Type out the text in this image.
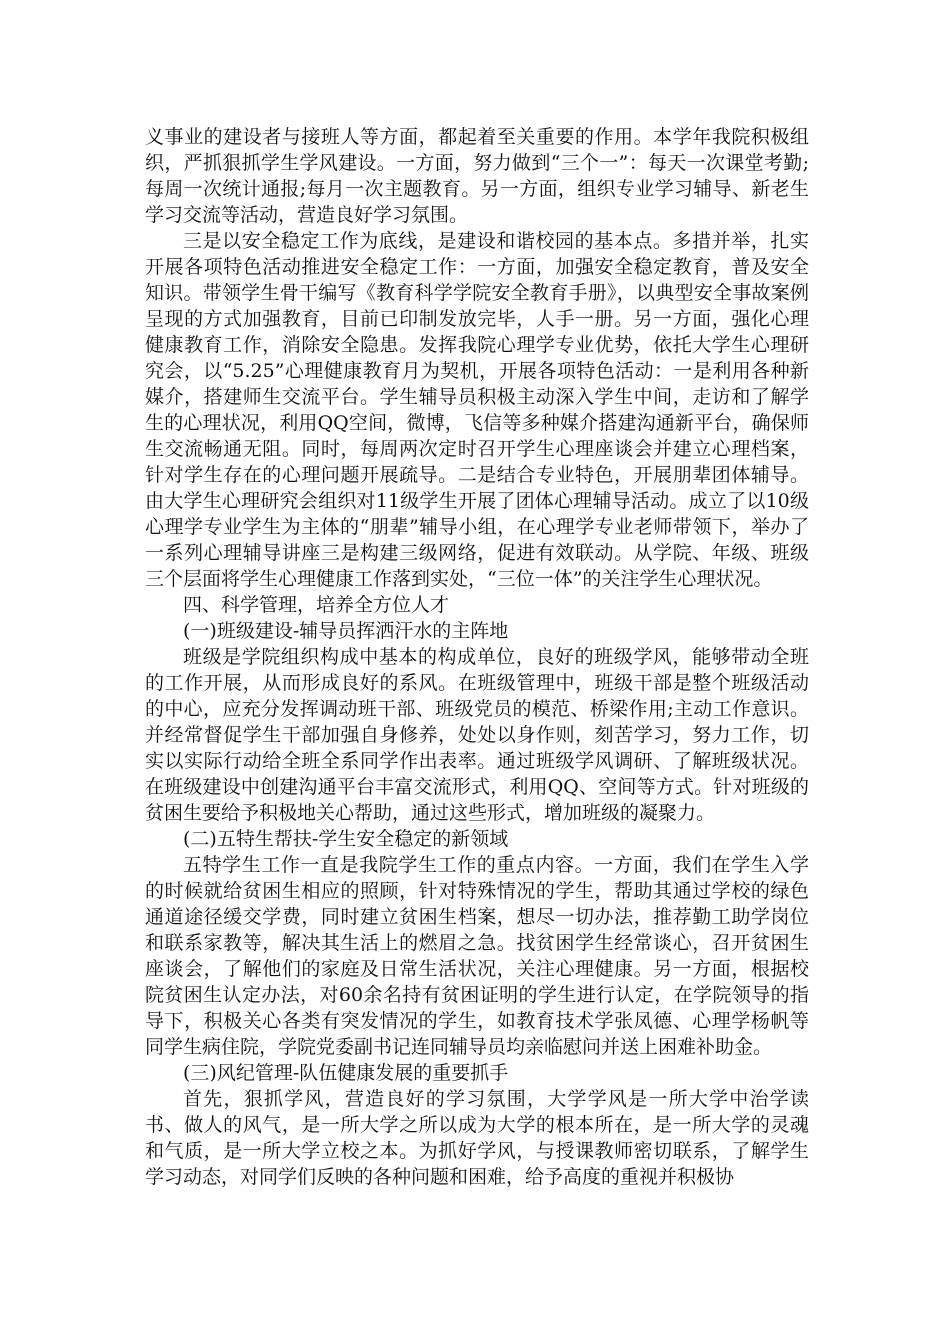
义事业的建设者与接班人等方面，都起着至关重要的作用。本学年我院积极组织，严抓狠抓学生学风建设。一方面，努力做到“三个一”：每天一次课堂考勤;每周一次统计通报;每月一次主题教育。另一方面，组织专业学习辅导、新老生学习交流等活动，营造良好学习氛围。

三是以安全稳定工作为底线，是建设和谐校园的基本点。多措并举，扎实开展各项特色活动推进安全稳定工作：一方面，加强安全稳定教育，普及安全知识。带领学生骨干编写《教育科学学院安全教育手册》，以典型安全事故案例呈现的方式加强教育，目前已印制发放完毕，人手一册。另一方面，强化心理健康教育工作，消除安全隐患。发挥我院心理学专业优势，依托大学生心理研究会，以“5.25”心理健康教育月为契机，开展各项特色活动：一是利用各种新媒介，搭建师生交流平台。学生辅导员积极主动深入学生中间，走访和了解学生的心理状况，利用QQ空间，微博，飞信等多种媒介搭建沟通新平台，确保师生交流畅通无阻。同时，每周两次定时召开学生心理座谈会并建立心理档案，针对学生存在的心理问题开展疏导。二是结合专业特色，开展朋辈团体辅导。由大学生心理研究会组织对11级学生开展了团体心理辅导活动。成立了以10级心理学专业学生为主体的“朋辈”辅导小组，在心理学专业老师带领下，举办了一系列心理辅导讲座三是构建三级网络，促进有效联动。从学院、年级、班级三个层面将学生心理健康工作落到实处，“三位一体”的关注学生心理状况。

四、科学管理，培养全方位人才

(一)班级建设-辅导员挥洒汗水的主阵地

班级是学院组织构成中基本的构成单位，良好的班级学风，能够带动全班的工作开展，从而形成良好的系风。在班级管理中，班级干部是整个班级活动的中心，应充分发挥调动班干部、班级党员的模范、桥梁作用;主动工作意识。并经常督促学生干部加强自身修养，处处以身作则，刻苦学习，努力工作，切实以实际行动给全班全系同学作出表率。通过班级学风调研、了解班级状况。在班级建设中创建沟通平台丰富交流形式，利用QQ、空间等方式。针对班级的贫困生要给予积极地关心帮助，通过这些形式，增加班级的凝聚力。

(二)五特生帮扶-学生安全稳定的新领域

五特学生工作一直是我院学生工作的重点内容。一方面，我们在学生入学的时候就给贫困生相应的照顾，针对特殊情况的学生，帮助其通过学校的绿色通道途径缓交学费，同时建立贫困生档案，想尽一切办法，推荐勤工助学岗位和联系家教等，解决其生活上的燃眉之急。找贫困学生经常谈心，召开贫困生座谈会，了解他们的家庭及日常生活状况，关注心理健康。另一方面，根据校院贫困生认定办法，对60余名持有贫困证明的学生进行认定，在学院领导的指导下，积极关心各类有突发情况的学生，如教育技术学张凤德、心理学杨帆等同学生病住院，学院党委副书记连同辅导员均亲临慰问并送上困难补助金。

(三)风纪管理-队伍健康发展的重要抓手

首先，狠抓学风，营造良好的学习氛围，大学学风是一所大学中治学读书、做人的风气，是一所大学之所以成为大学的根本所在，是一所大学的灵魂和气质，是一所大学立校之本。为抓好学风，与授课教师密切联系，了解学生学习动态，对同学们反映的各种问题和困难，给予高度的重视并积极协
